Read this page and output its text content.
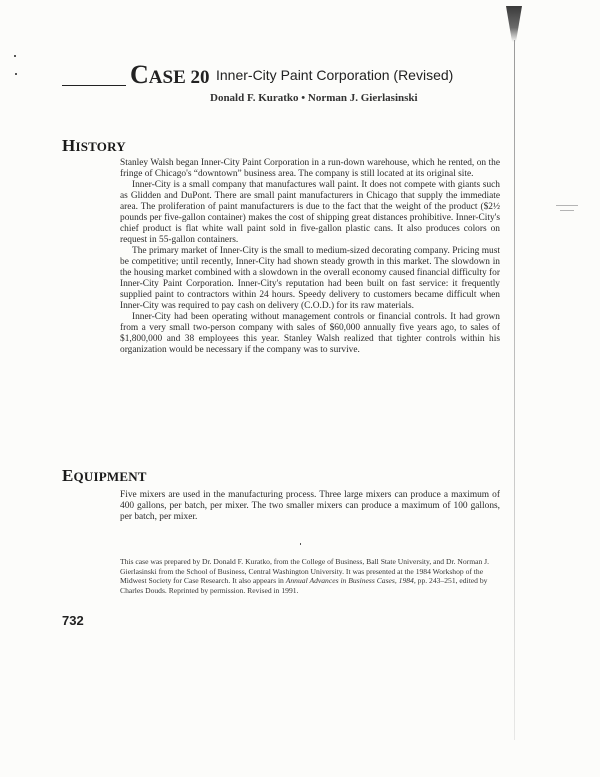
CASE 20 Inner-City Paint Corporation (Revised)
Donald F. Kuratko • Norman J. Gierlasinski
HISTORY

Stanley Walsh began Inner-City Paint Corporation in a run-down warehouse, which he rented, on the fringe of Chicago's “downtown” business area. The company is still located at its original site.

Inner-City is a small company that manufactures wall paint. It does not compete with giants such as Glidden and DuPont. There are small paint manufacturers in Chicago that supply the immediate area. The proliferation of paint manufacturers is due to the fact that the weight of the product ($2½ pounds per five-gallon container) makes the cost of shipping great distances prohibitive. Inner-City's chief product is flat white wall paint sold in five-gallon plastic cans. It also produces colors on request in 55-gallon containers.

The primary market of Inner-City is the small to medium-sized decorating company. Pricing must be competitive; until recently, Inner-City had shown steady growth in this market. The slowdown in the housing market combined with a slowdown in the overall economy caused financial difficulty for Inner-City Paint Corporation. Inner-City's reputation had been built on fast service: it frequently supplied paint to contractors within 24 hours. Speedy delivery to customers became difficult when Inner-City was required to pay cash on delivery (C.O.D.) for its raw materials.

Inner-City had been operating without management controls or financial controls. It had grown from a very small two-person company with sales of $60,000 annually five years ago, to sales of $1,800,000 and 38 employees this year. Stanley Walsh realized that tighter controls within his organization would be necessary if the company was to survive.

EQUIPMENT

Five mixers are used in the manufacturing process. Three large mixers can produce a maximum of 400 gallons, per batch, per mixer. The two smaller mixers can produce a maximum of 100 gallons, per batch, per mixer.

This case was prepared by Dr. Donald F. Kuratko, from the College of Business, Ball State University, and Dr. Norman J. Gierlasinski from the School of Business, Central Washington University. It was presented at the 1984 Workshop of the Midwest Society for Case Research. It also appears in Annual Advances in Business Cases, 1984, pp. 243–251, edited by Charles Douds. Reprinted by permission. Revised in 1991.

732
